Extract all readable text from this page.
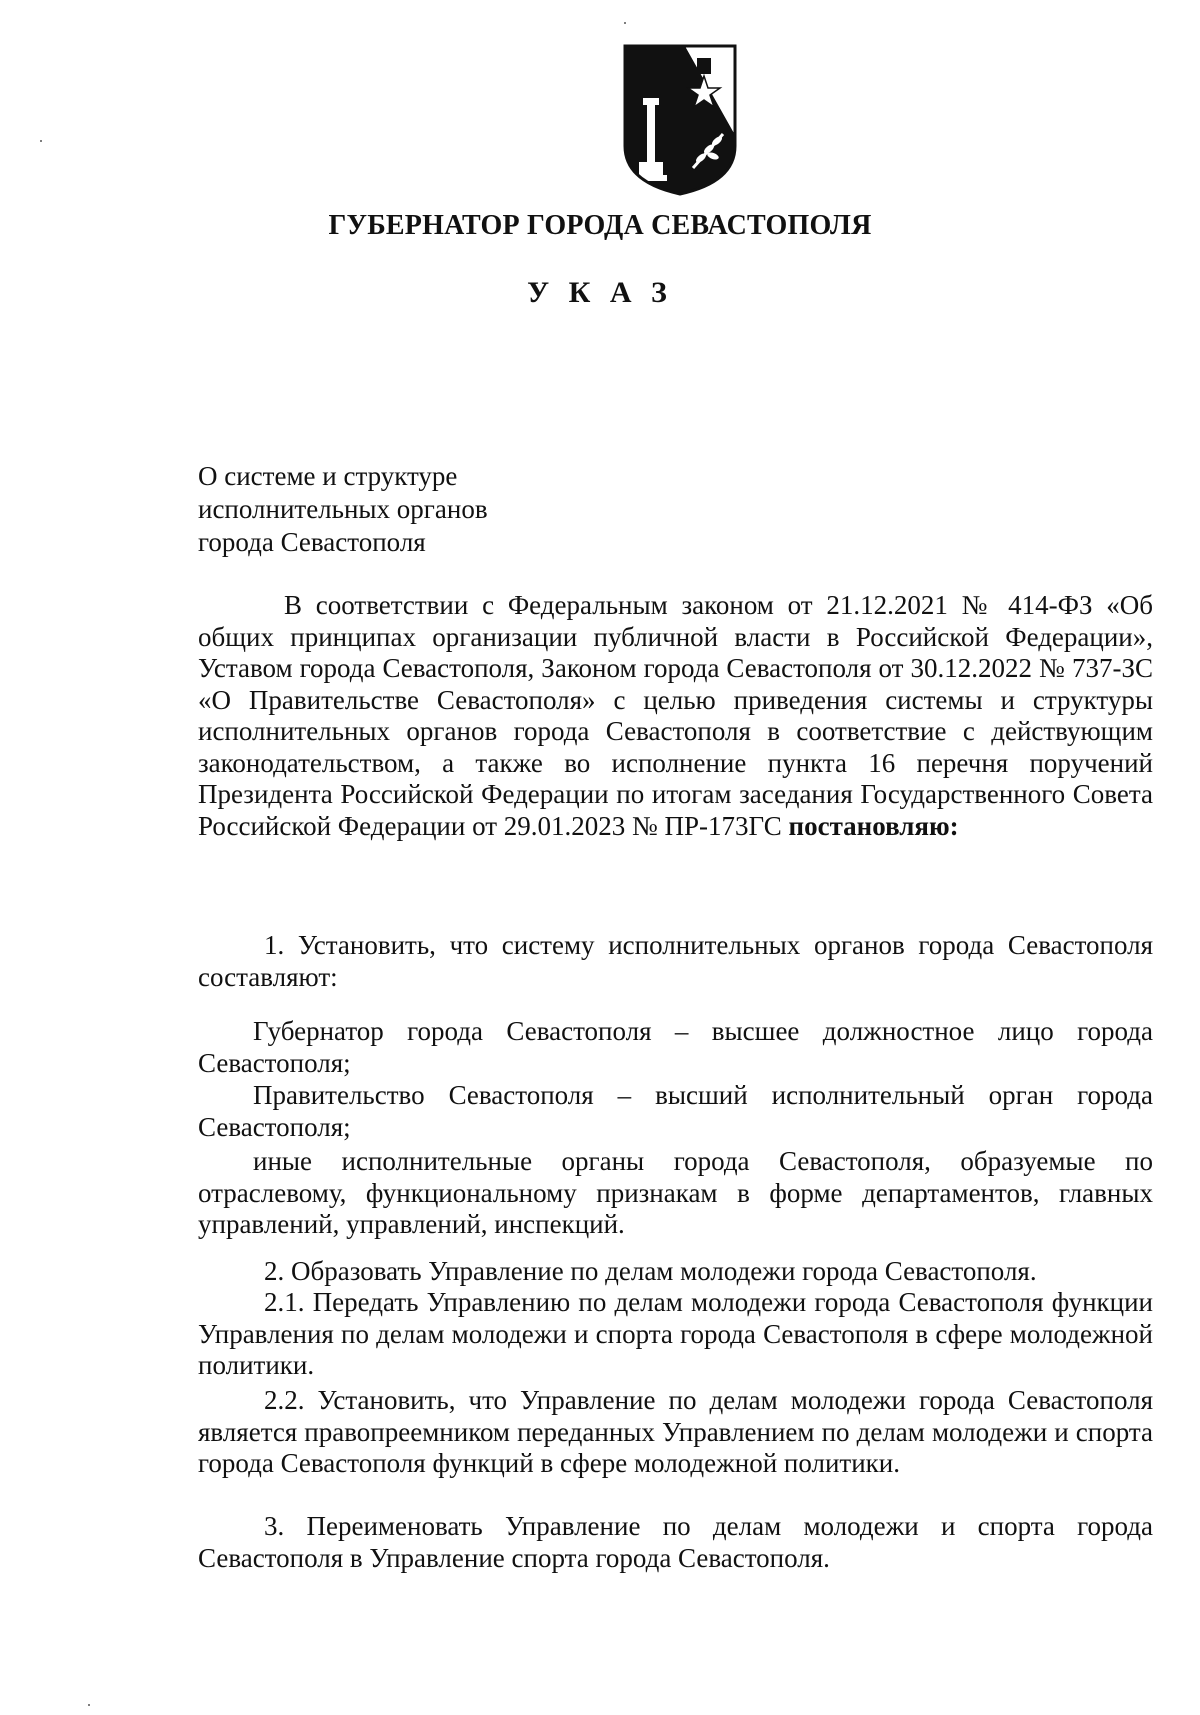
ГУБЕРНАТОР ГОРОДА СЕВАСТОПОЛЯ
У К А З
О системе и структуре
исполнительных органов
города Севастополя
В соответствии с Федеральным законом от 21.12.2021 № 414-ФЗ «Об общих принципах организации публичной власти в Российской Федерации», Уставом города Севастополя, Законом города Севастополя от 30.12.2022 № 737-ЗС «О Правительстве Севастополя» с целью приведения системы и структуры исполнительных органов города Севастополя в соответствие с действующим законодательством, а также во исполнение пункта 16 перечня поручений Президента Российской Федерации по итогам заседания Государственного Совета Российской Федерации от 29.01.2023 № ПР-173ГС постановляю:
1. Установить, что систему исполнительных органов города Севастополя составляют:
Губернатор города Севастополя – высшее должностное лицо города Севастополя;
Правительство Севастополя – высший исполнительный орган города Севастополя;
иные исполнительные органы города Севастополя, образуемые по отраслевому, функциональному признакам в форме департаментов, главных управлений, управлений, инспекций.
2. Образовать Управление по делам молодежи города Севастополя.
2.1. Передать Управлению по делам молодежи города Севастополя функции Управления по делам молодежи и спорта города Севастополя в сфере молодежной политики.
2.2. Установить, что Управление по делам молодежи города Севастополя является правопреемником переданных Управлением по делам молодежи и спорта города Севастополя функций в сфере молодежной политики.
3. Переименовать Управление по делам молодежи и спорта города Севастополя в Управление спорта города Севастополя.
